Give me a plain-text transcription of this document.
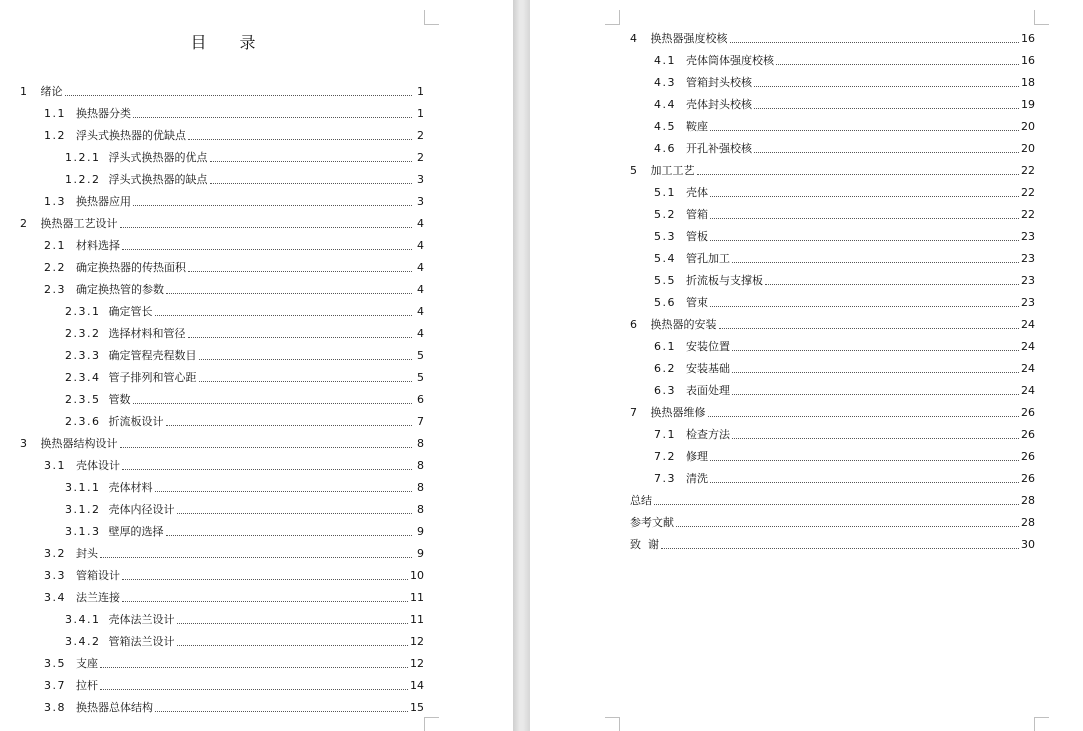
目 录
1 绪论	1
1.1 换热器分类	1
1.2 浮头式换热器的优缺点	2
1.2.1 浮头式换热器的优点	2
1.2.2 浮头式换热器的缺点	3
1.3 换热器应用	3
2 换热器工艺设计	4
2.1 材料选择	4
2.2 确定换热器的传热面积	4
2.3 确定换热管的参数	4
2.3.1 确定管长	4
2.3.2 选择材料和管径	4
2.3.3 确定管程壳程数目	5
2.3.4 管子排列和管心距	5
2.3.5 管数	6
2.3.6 折流板设计	7
3 换热器结构设计	8
3.1 壳体设计	8
3.1.1 壳体材料	8
3.1.2 壳体内径设计	8
3.1.3 壁厚的选择	9
3.2 封头	9
3.3 管箱设计	10
3.4 法兰连接	11
3.4.1 壳体法兰设计	11
3.4.2 管箱法兰设计	12
3.5 支座	12
3.7 拉杆	14
3.8 换热器总体结构	15
4 换热器强度校核	16
4.1 壳体筒体强度校核	16
4.3 管箱封头校核	18
4.4 壳体封头校核	19
4.5 鞍座	20
4.6 开孔补强校核	20
5 加工工艺	22
5.1 壳体	22
5.2 管箱	22
5.3 管板	23
5.4 管孔加工	23
5.5 折流板与支撑板	23
5.6 管束	23
6 换热器的安装	24
6.1 安装位置	24
6.2 安装基础	24
6.3 表面处理	24
7 换热器维修	26
7.1 检查方法	26
7.2 修理	26
7.3 清洗	26
总结	28
参考文献	28
致  谢	30
